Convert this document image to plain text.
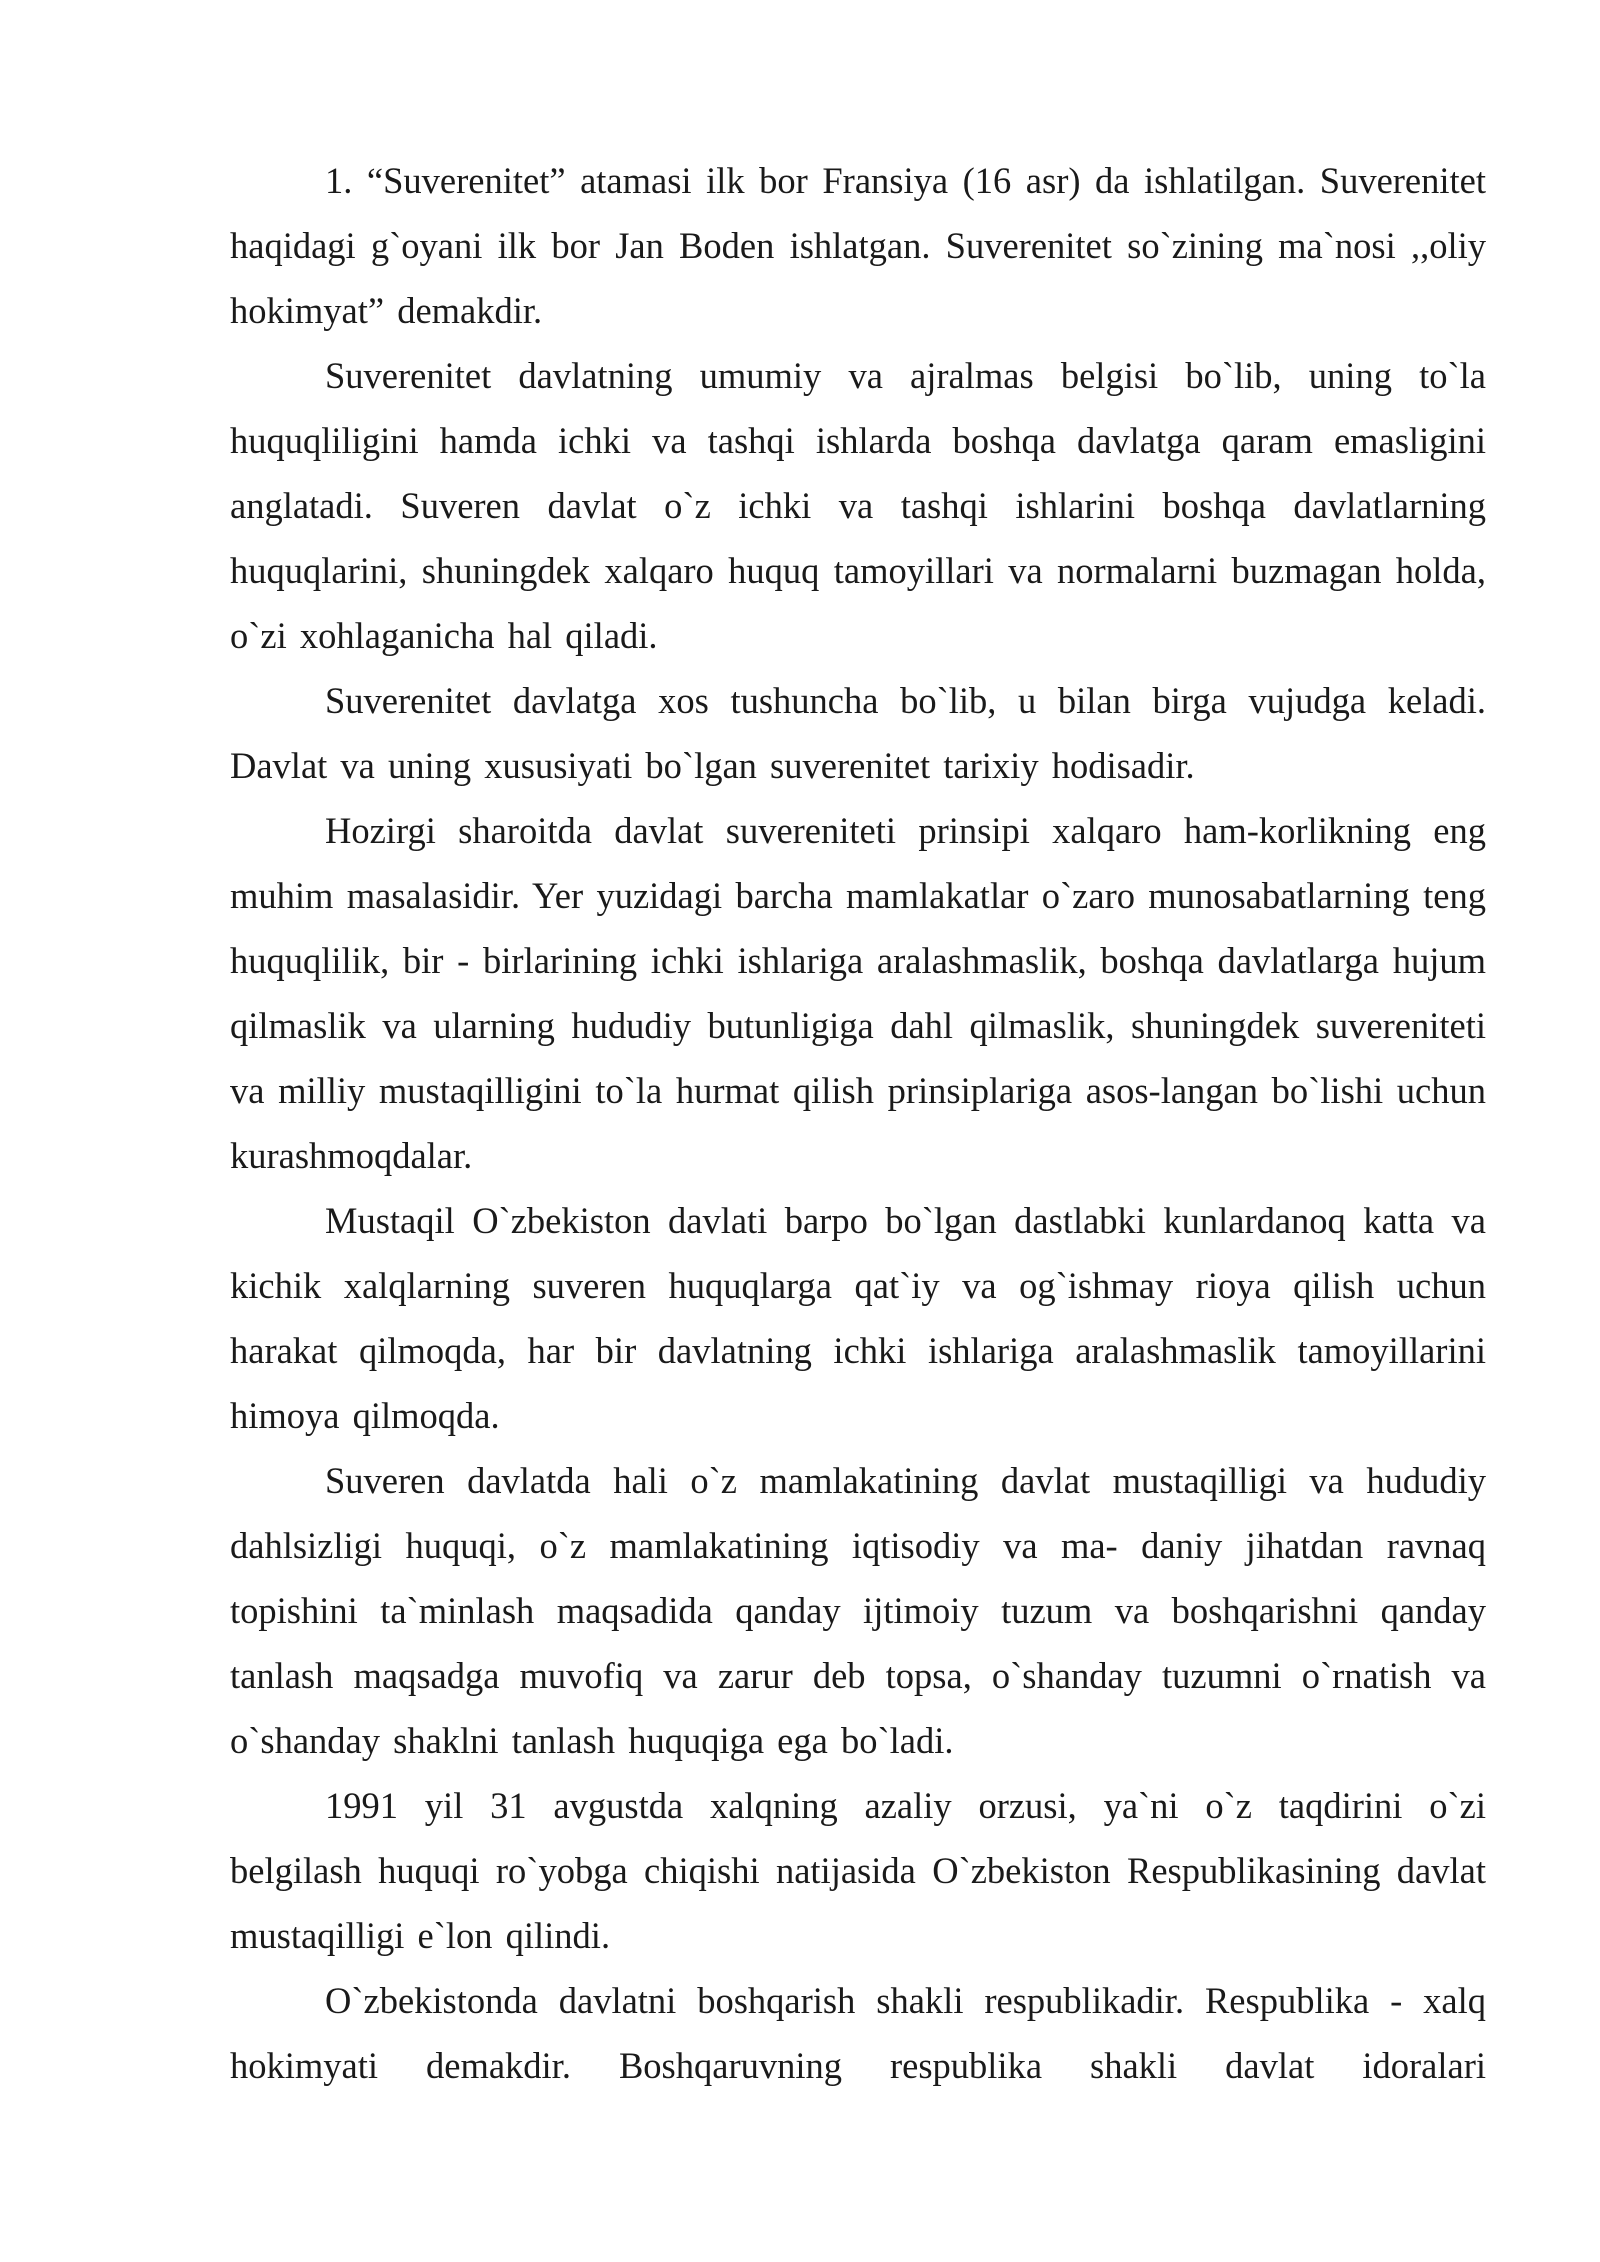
1. “Suverenitet” atamasi ilk bor Fransiya (16 asr) da ishlatilgan. Suverenitet haqidagi g`oyani ilk bor Jan Boden ishlatgan. Suverenitet so`zining ma`nosi ,,oliy hokimyat” demakdir.

Suverenitet davlatning umumiy va ajralmas belgisi bo`lib, uning to`la huquqliligini hamda ichki va tashqi ishlarda boshqa davlatga qaram emasligini anglatadi. Suveren davlat o`z ichki va tashqi ishlarini boshqa davlatlarning huquqlarini, shuningdek xalqaro huquq tamoyillari va normalarni buzmagan holda, o`zi xohlaganicha hal qiladi.

Suverenitet davlatga xos tushuncha bo`lib, u bilan birga vujudga keladi. Davlat va uning xususiyati bo`lgan suverenitet tarixiy hodisadir.

Hozirgi sharoitda davlat suvereniteti prinsipi xalqaro ham-korlikning eng muhim masalasidir. Yer yuzidagi barcha mamlakatlar o`zaro munosabatlarning teng huquqlilik, bir - birlarining ichki ishlariga aralashmaslik, boshqa davlatlarga hujum qilmaslik va ularning hududiy butunligiga dahl qilmaslik, shuningdek suvereniteti va milliy mustaqilligini to`la hurmat qilish prinsiplariga asos-langan bo`lishi uchun kurashmoqdalar.

Mustaqil O`zbekiston davlati barpo bo`lgan dastlabki kunlardanoq katta va kichik xalqlarning suveren huquqlarga qat`iy va og`ishmay rioya qilish uchun harakat qilmoqda, har bir davlatning ichki ishlariga aralashmaslik tamoyillarini himoya qilmoqda.

Suveren davlatda hali o`z mamlakatining davlat mustaqilligi va hududiy dahlsizligi huquqi, o`z mamlakatining iqtisodiy va ma- daniy jihatdan ravnaq topishini ta`minlash maqsadida qanday ijtimoiy tuzum va boshqarishni qanday tanlash maqsadga muvofiq va zarur deb topsa, o`shanday tuzumni o`rnatish va o`shanday shaklni tanlash huquqiga ega bo`ladi.

1991 yil 31 avgustda xalqning azaliy orzusi, ya`ni o`z taqdirini o`zi belgilash huquqi ro`yobga chiqishi natijasida O`zbekiston Respublikasining davlat mustaqilligi e`lon qilindi.

O`zbekistonda davlatni boshqarish shakli respublikadir. Respublika - xalq hokimyati demakdir. Boshqaruvning respublika shakli davlat idoralari
